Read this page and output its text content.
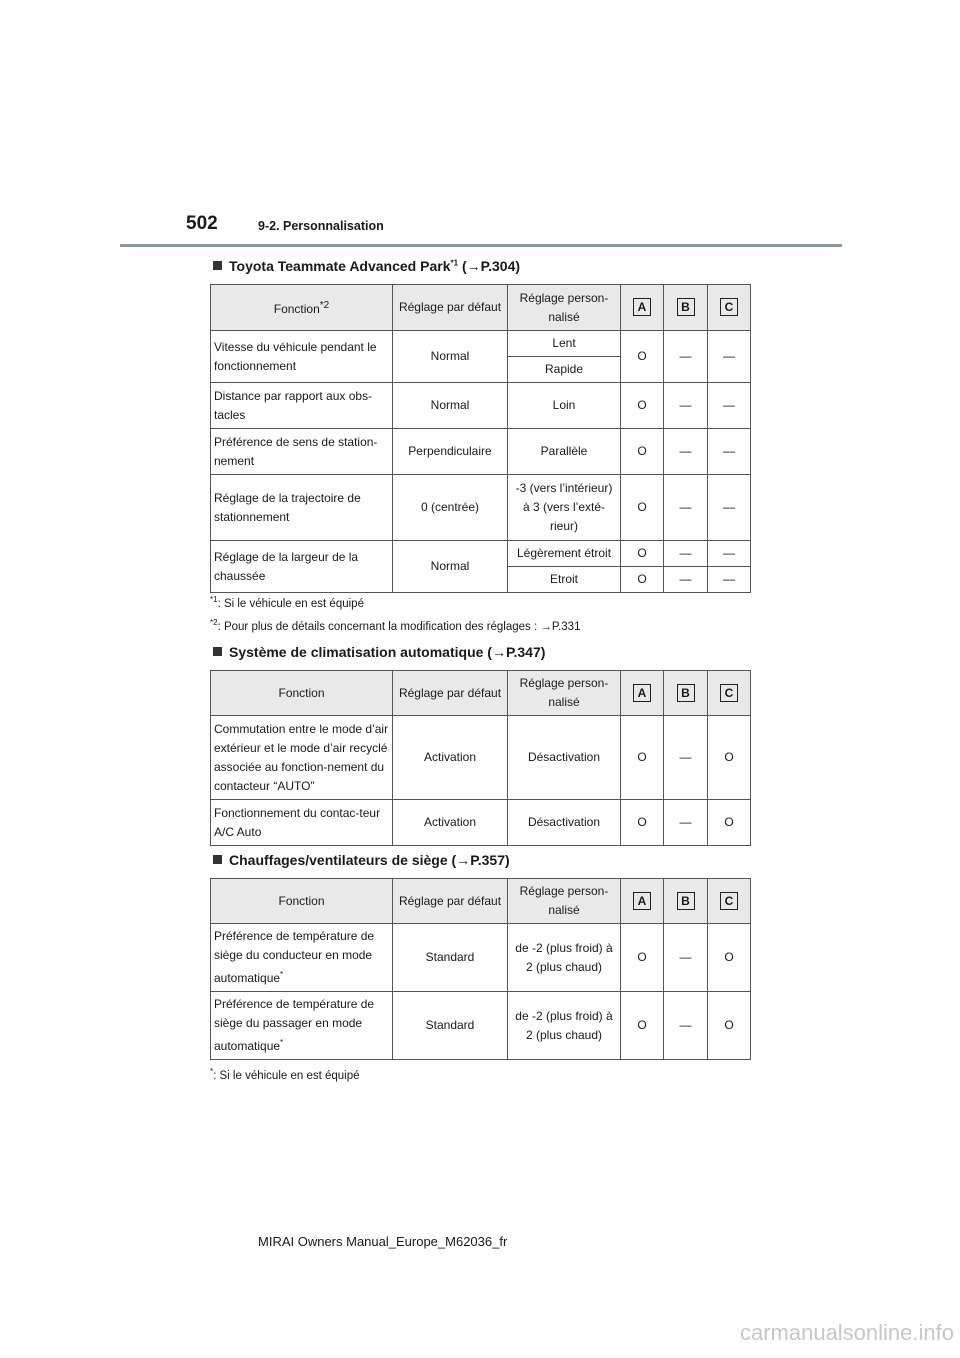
502	9-2. Personnalisation
Toyota Teammate Advanced Park$^{*1}$ (→P.304)
Fonction$^{*2}$	Réglage par défaut	Réglage person-nalisé	A	B	C
Vitesse du véhicule pendant le fonctionnement	Normal	Lent	O	—	—
		Rapide			
Distance par rapport aux obs-tacles	Normal	Loin	O	—	—
Préférence de sens de station-nement	Perpendiculaire	Parallèle	O	—	—
Réglage de la trajectoire de stationnement	0 (centrée)	-3 (vers l’intérieur) à 3 (vers l’exté-rieur)	O	—	—
Réglage de la largeur de la chaussée	Normal	Légèrement étroit	O	—	—
		Etroit	O	—	—
$^{*1}$: Si le véhicule en est équipé
$^{*2}$: Pour plus de détails concernant la modification des réglages : →P.331
Système de climatisation automatique (→P.347)
Fonction	Réglage par défaut	Réglage person-nalisé	A	B	C
Commutation entre le mode d’air extérieur et le mode d’air recyclé associée au fonction-nement du contacteur “AUTO”	Activation	Désactivation	O	—	O
Fonctionnement du contac-teur A/C Auto	Activation	Désactivation	O	—	O
Chauffages/ventilateurs de siège (→P.357)
Fonction	Réglage par défaut	Réglage person-nalisé	A	B	C
Préférence de température de siège du conducteur en mode automatique*	Standard	de -2 (plus froid) à 2 (plus chaud)	O	—	O
Préférence de température de siège du passager en mode automatique*	Standard	de -2 (plus froid) à 2 (plus chaud)	O	—	O
*: Si le véhicule en est équipé
MIRAI Owners Manual_Europe_M62036_fr
carmanualsonline.info
